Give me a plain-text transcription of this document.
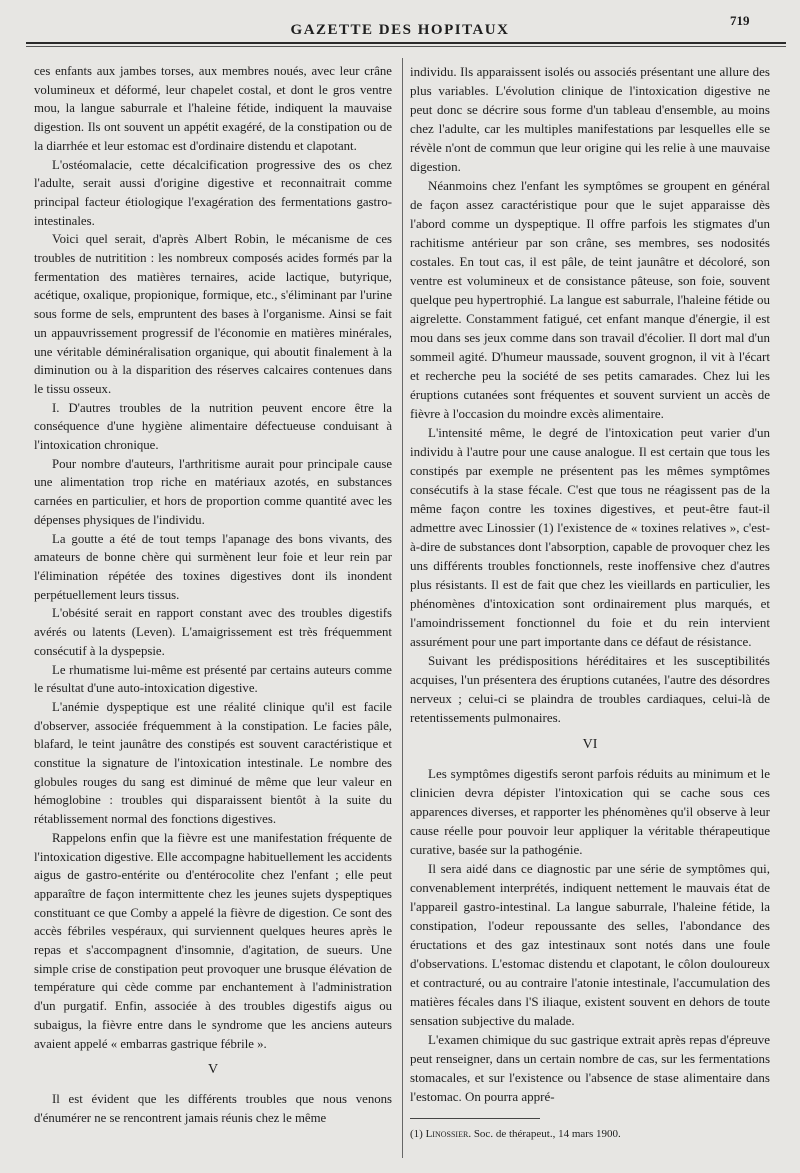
719
GAZETTE DES HOPITAUX

ces enfants aux jambes torses, aux membres noués, avec leur crâne volumineux et déformé, leur chapelet costal, et dont le gros ventre mou, la langue saburrale et l'haleine fétide, indiquent la mauvaise digestion. Ils ont souvent un appétit exagéré, de la constipation ou de la diarrhée et leur estomac est d'ordinaire distendu et clapotant.

L'ostéomalacie, cette décalcification progressive des os chez l'adulte, serait aussi d'origine digestive et reconnaitrait comme principal facteur étiologique l'exagération des fermentations gastro-intestinales.

Voici quel serait, d'après Albert Robin, le mécanisme de ces troubles de nutritition : les nombreux composés acides formés par la fermentation des matières ternaires, acide lactique, butyrique, acétique, oxalique, propionique, formique, etc., s'éliminant par l'urine sous forme de sels, empruntent des bases à l'organisme. Ainsi se fait un appauvrissement progressif de l'économie en matières minérales, une véritable déminéralisation organique, qui aboutit finalement à la diminution ou à la disparition des réserves calcaires contenues dans le tissu osseux.

I. D'autres troubles de la nutrition peuvent encore être la conséquence d'une hygiène alimentaire défectueuse conduisant à l'intoxication chronique.

Pour nombre d'auteurs, l'arthritisme aurait pour principale cause une alimentation trop riche en matériaux azotés, en substances carnées en particulier, et hors de proportion comme quantité avec les dépenses physiques de l'individu.

La goutte a été de tout temps l'apanage des bons vivants, des amateurs de bonne chère qui surmènent leur foie et leur rein par l'élimination répétée des toxines digestives dont ils inondent perpétuellement leurs tissus.

L'obésité serait en rapport constant avec des troubles digestifs avérés ou latents (Leven). L'amaigrissement est très fréquemment consécutif à la dyspepsie.

Le rhumatisme lui-même est présenté par certains auteurs comme le résultat d'une auto-intoxication digestive.

L'anémie dyspeptique est une réalité clinique qu'il est facile d'observer, associée fréquemment à la constipation. Le facies pâle, blafard, le teint jaunâtre des constipés est souvent caractéristique et constitue la signature de l'intoxication intestinale. Le nombre des globules rouges du sang est diminué de même que leur valeur en hémoglobine : troubles qui disparaissent bientôt à la suite du rétablissement normal des fonctions digestives.

Rappelons enfin que la fièvre est une manifestation fréquente de l'intoxication digestive. Elle accompagne habituellement les accidents aigus de gastro-entérite ou d'entérocolite chez l'enfant ; elle peut apparaître de façon intermittente chez les jeunes sujets dyspeptiques constituant ce que Comby a appelé la fièvre de digestion. Ce sont des accès fébriles vespéraux, qui surviennent quelques heures après le repas et s'accompagnent d'insomnie, d'agitation, de sueurs. Une simple crise de constipation peut provoquer une brusque élévation de température qui cède comme par enchantement à l'administration d'un purgatif. Enfin, associée à des troubles digestifs aigus ou subaigus, la fièvre entre dans le syndrome que les anciens auteurs avaient appelé « embarras gastrique fébrile ».

V

Il est évident que les différents troubles que nous venons d'énumérer ne se rencontrent jamais réunis chez le même

individu. Ils apparaissent isolés ou associés présentant une allure des plus variables. L'évolution clinique de l'intoxication digestive ne peut donc se décrire sous forme d'un tableau d'ensemble, au moins chez l'adulte, car les multiples manifestations par lesquelles elle se révèle n'ont de commun que leur origine qui les relie à une mauvaise digestion.

Néanmoins chez l'enfant les symptômes se groupent en général de façon assez caractéristique pour que le sujet apparaisse dès l'abord comme un dyspeptique. Il offre parfois les stigmates d'un rachitisme antérieur par son crâne, ses membres, ses nodosités costales. En tout cas, il est pâle, de teint jaunâtre et décoloré, son ventre est volumineux et de consistance pâteuse, son foie, souvent quelque peu hypertrophié. La langue est saburrale, l'haleine fétide ou aigrelette. Constamment fatigué, cet enfant manque d'énergie, il est mou dans ses jeux comme dans son travail d'écolier. Il dort mal d'un sommeil agité. D'humeur maussade, souvent grognon, il vit à l'écart et recherche peu la société de ses petits camarades. Chez lui les éruptions cutanées sont fréquentes et souvent survient un accès de fièvre à l'occasion du moindre excès alimentaire.

L'intensité même, le degré de l'intoxication peut varier d'un individu à l'autre pour une cause analogue. Il est certain que tous les constipés par exemple ne présentent pas les mêmes symptômes consécutifs à la stase fécale. C'est que tous ne réagissent pas de la même façon contre les toxines digestives, et peut-être faut-il admettre avec Linossier (1) l'existence de « toxines relatives », c'est-à-dire de substances dont l'absorption, capable de provoquer chez les uns différents troubles fonctionnels, reste inoffensive chez d'autres plus résistants. Il est de fait que chez les vieillards en particulier, les phénomènes d'intoxication sont ordinairement plus marqués, et l'amoindrissement fonctionnel du foie et du rein intervient assurément pour une part importante dans ce défaut de résistance.

Suivant les prédispositions héréditaires et les susceptibilités acquises, l'un présentera des éruptions cutanées, l'autre des désordres nerveux ; celui-ci se plaindra de troubles cardiaques, celui-là de retentissements pulmonaires.

VI

Les symptômes digestifs seront parfois réduits au minimum et le clinicien devra dépister l'intoxication qui se cache sous ces apparences diverses, et rapporter les phénomènes qu'il observe à leur cause réelle pour pouvoir leur appliquer la véritable thérapeutique curative, basée sur la pathogénie.

Il sera aidé dans ce diagnostic par une série de symptômes qui, convenablement interprétés, indiquent nettement le mauvais état de l'appareil gastro-intestinal. La langue saburrale, l'haleine fétide, la constipation, l'odeur repoussante des selles, l'abondance des éructations et des gaz intestinaux sont notés dans une foule d'observations. L'estomac distendu et clapotant, le côlon douloureux et contracturé, ou au contraire l'atonie intestinale, l'accumulation des matières fécales dans l'S iliaque, existent souvent en dehors de toute sensation subjective du malade.

L'examen chimique du suc gastrique extrait après repas d'épreuve peut renseigner, dans un certain nombre de cas, sur les fermentations stomacales, et sur l'existence ou l'absence de stase alimentaire dans l'estomac. On pourra appré-

(1) Linossier. Soc. de thérapeut., 14 mars 1900.
